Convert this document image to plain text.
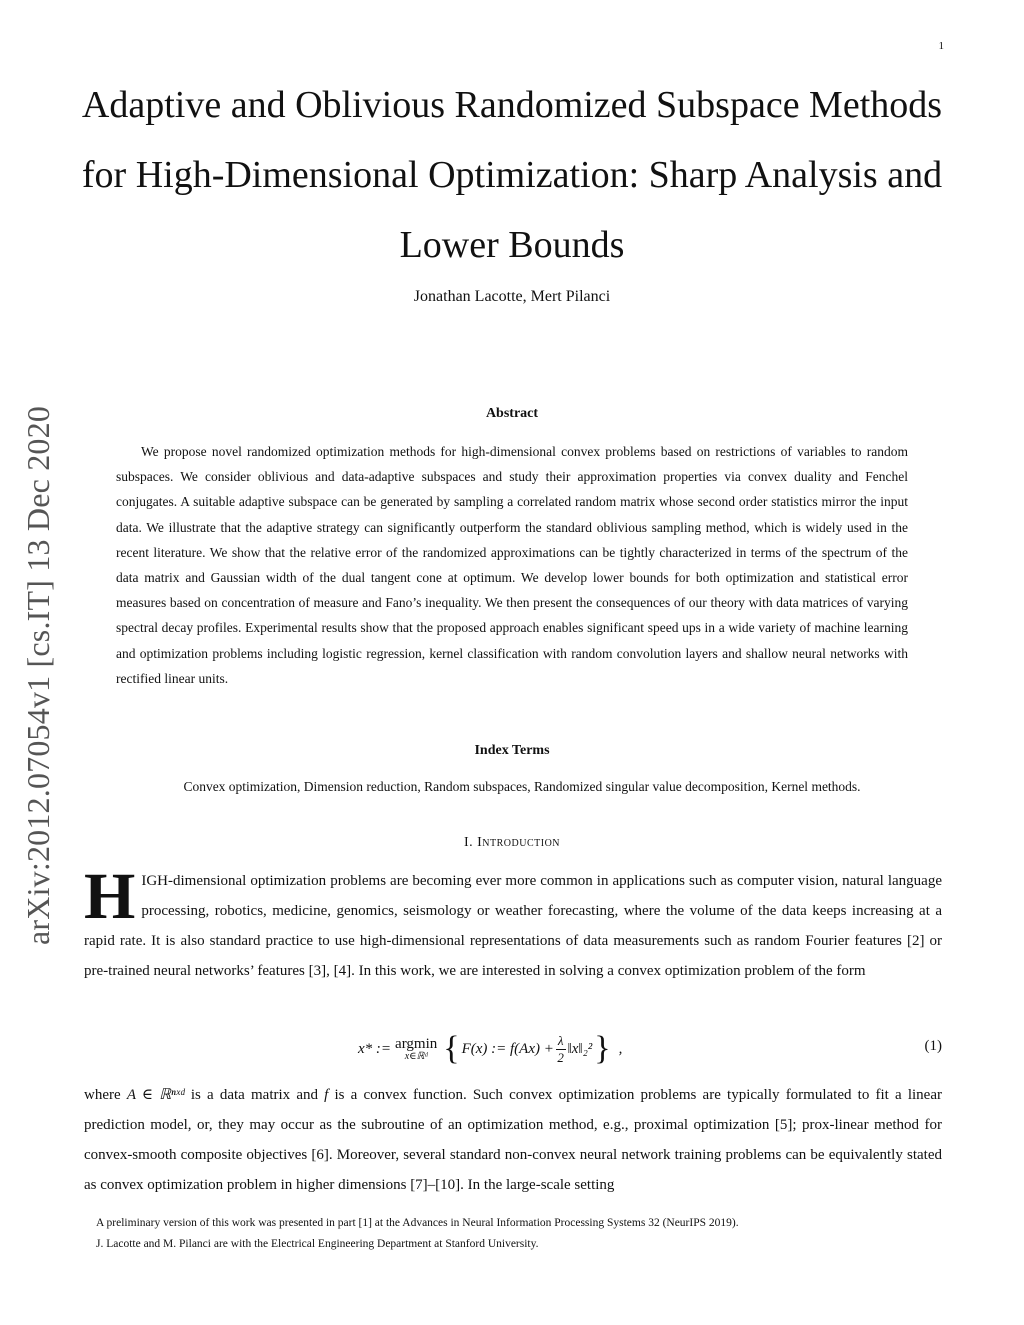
1
arXiv:2012.07054v1 [cs.IT] 13 Dec 2020
Adaptive and Oblivious Randomized Subspace Methods for High-Dimensional Optimization: Sharp Analysis and Lower Bounds
Jonathan Lacotte, Mert Pilanci
Abstract

We propose novel randomized optimization methods for high-dimensional convex problems based on restrictions of variables to random subspaces. We consider oblivious and data-adaptive subspaces and study their approximation properties via convex duality and Fenchel conjugates. A suitable adaptive subspace can be generated by sampling a correlated random matrix whose second order statistics mirror the input data. We illustrate that the adaptive strategy can significantly outperform the standard oblivious sampling method, which is widely used in the recent literature. We show that the relative error of the randomized approximations can be tightly characterized in terms of the spectrum of the data matrix and Gaussian width of the dual tangent cone at optimum. We develop lower bounds for both optimization and statistical error measures based on concentration of measure and Fano’s inequality. We then present the consequences of our theory with data matrices of varying spectral decay profiles. Experimental results show that the proposed approach enables significant speed ups in a wide variety of machine learning and optimization problems including logistic regression, kernel classification with random convolution layers and shallow neural networks with rectified linear units.

Index Terms
Convex optimization, Dimension reduction, Random subspaces, Randomized singular value decomposition, Kernel methods.
I. Introduction

HIGH-dimensional optimization problems are becoming ever more common in applications such as computer vision, natural language processing, robotics, medicine, genomics, seismology or weather forecasting, where the volume of the data keeps increasing at a rapid rate. It is also standard practice to use high-dimensional representations of data measurements such as random Fourier features [2] or pre-trained neural networks’ features [3], [4]. In this work, we are interested in solving a convex optimization problem of the form

x* := argmin
x∈ℝᵈ { F(x) := $f(Ax) + \frac{\lambda}{2}$ ‖x‖₂² } ,	(1)

where A ∈ ℝⁿˣᵈ is a data matrix and f is a convex function. Such convex optimization problems are typically formulated to fit a linear prediction model, or, they may occur as the subroutine of an optimization method, e.g., proximal optimization [5]; prox-linear method for convex-smooth composite objectives [6]. Moreover, several standard non-convex neural network training problems can be equivalently stated as convex optimization problem in higher dimensions [7]–[10]. In the large-scale setting

A preliminary version of this work was presented in part [1] at the Advances in Neural Information Processing Systems 32 (NeurIPS 2019).

J. Lacotte and M. Pilanci are with the Electrical Engineering Department at Stanford University.
